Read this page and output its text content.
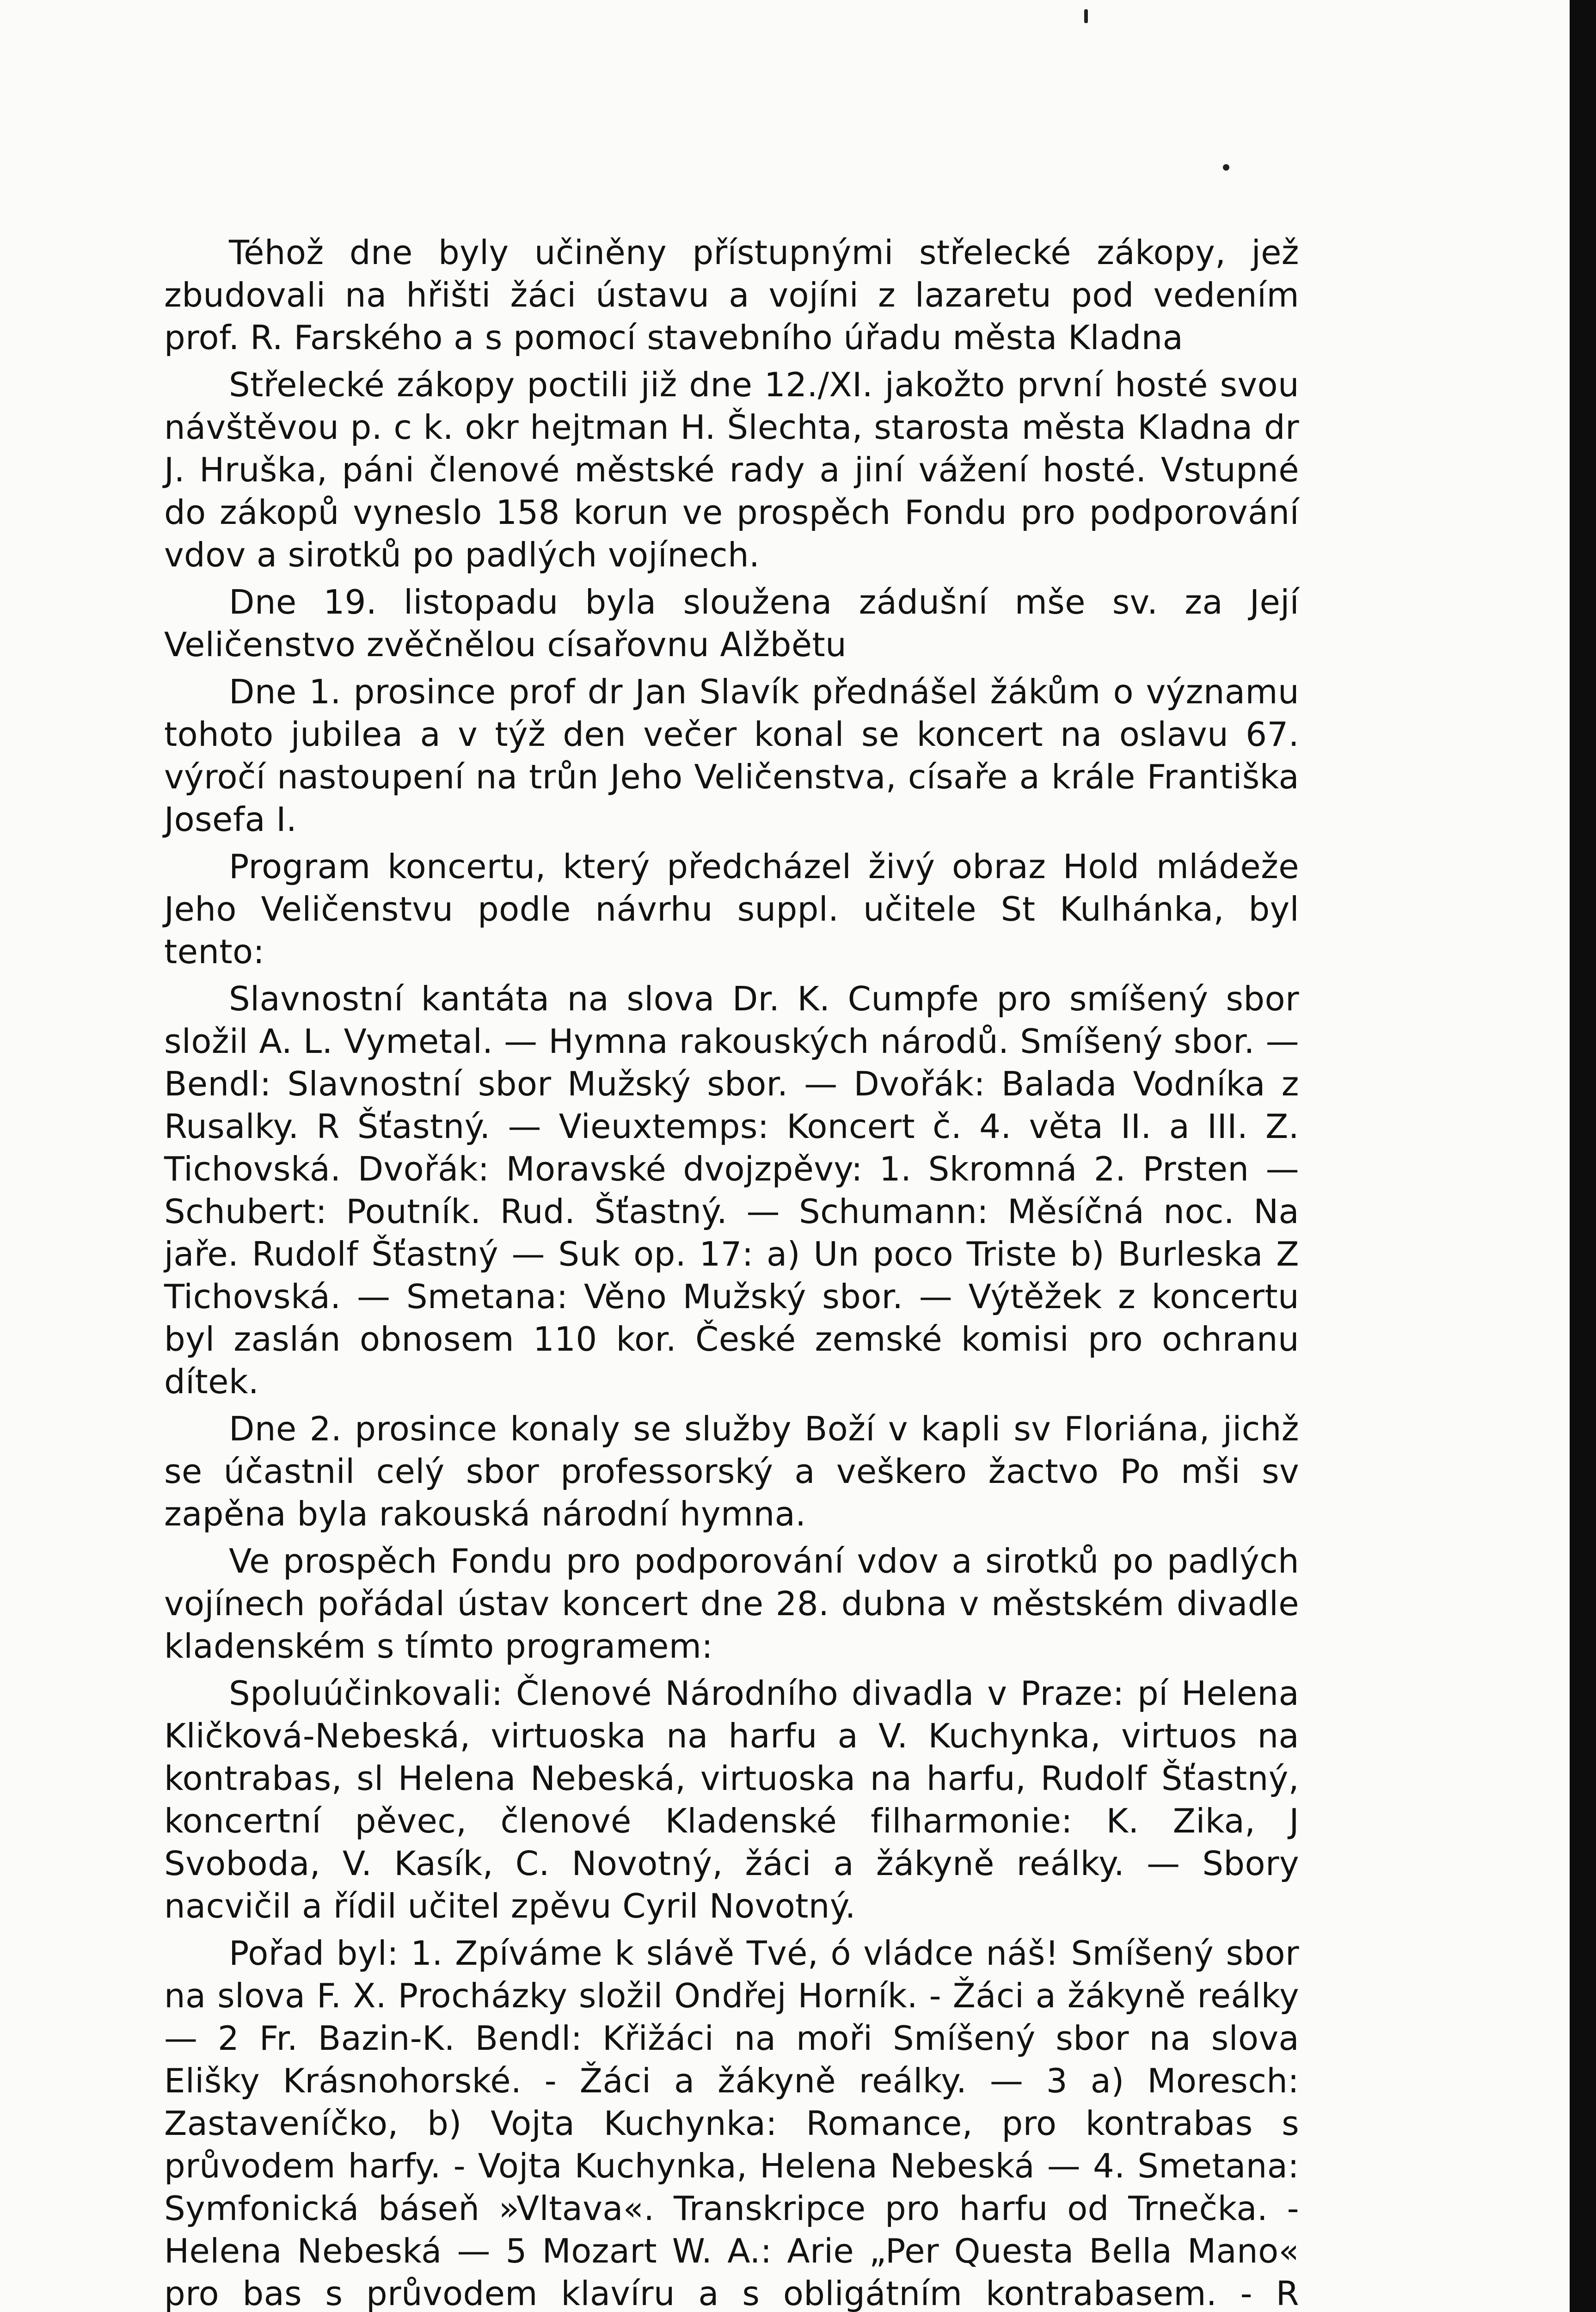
Téhož dne byly učiněny přístupnými střelecké zákopy, jež zbudovali na hřišti žáci ústavu a vojíni z lazaretu pod vedením prof. R. Farského a s pomocí stavebního úřadu města Kladna

Střelecké zákopy poctili již dne 12./XI. jakožto první hosté svou návštěvou p. c k. okr hejtman H. Šlechta, starosta města Kladna dr J. Hruška, páni členové městské rady a jiní vážení hosté. Vstupné do zákopů vyneslo 158 korun ve prospěch Fondu pro podporování vdov a sirotků po padlých vojínech.

Dne 19. listopadu byla sloužena zádušní mše sv. za Její Veličenstvo zvěčnělou císařovnu Alžbětu

Dne 1. prosince prof dr Jan Slavík přednášel žákům o významu tohoto jubilea a v týž den večer konal se koncert na oslavu 67. výročí nastoupení na trůn Jeho Veličenstva, císaře a krále Františka Josefa I.

Program koncertu, který předcházel živý obraz Hold mládeže Jeho Veličenstvu podle návrhu suppl. učitele St Kulhánka, byl tento:

Slavnostní kantáta na slova Dr. K. Cumpfe pro smíšený sbor složil A. L. Vymetal. — Hymna rakouských národů. Smíšený sbor. — Bendl: Slavnostní sbor Mužský sbor. — Dvořák: Balada Vodníka z Rusalky. R Šťastný. — Vieuxtemps: Koncert č. 4. věta II. a III. Z. Tichovská. Dvořák: Moravské dvojzpěvy: 1. Skromná 2. Prsten — Schubert: Poutník. Rud. Šťastný. — Schumann: Měsíčná noc. Na jaře. Rudolf Šťastný — Suk op. 17: a) Un poco Triste b) Burleska Z Tichovská. — Smetana: Věno Mužský sbor. — Výtěžek z koncertu byl zaslán obnosem 110 kor. České zemské komisi pro ochranu dítek.

Dne 2. prosince konaly se služby Boží v kapli sv Floriána, jichž se účastnil celý sbor professorský a veškero žactvo Po mši sv zapěna byla rakouská národní hymna.

Ve prospěch Fondu pro podporování vdov a sirotků po padlých vojínech pořádal ústav koncert dne 28. dubna v městském divadle kladenském s tímto programem:

Spoluúčinkovali: Členové Národního divadla v Praze: pí Helena Kličková-Nebeská, virtuoska na harfu a V. Kuchynka, virtuos na kontrabas, sl Helena Nebeská, virtuoska na harfu, Rudolf Šťastný, koncertní pěvec, členové Kladenské filharmonie: K. Zika, J Svoboda, V. Kasík, C. Novotný, žáci a žákyně reálky. — Sbory nacvičil a řídil učitel zpěvu Cyril Novotný.

Pořad byl: 1. Zpíváme k slávě Tvé, ó vládce náš! Smíšený sbor na slova F. X. Procházky složil Ondřej Horník. - Žáci a žákyně reálky — 2 Fr. Bazin-K. Bendl: Křižáci na moři Smíšený sbor na slova Elišky Krásnohorské. - Žáci a žákyně reálky. — 3 a) Moresch: Zastaveníčko, b) Vojta Kuchynka: Romance, pro kontrabas s průvodem harfy. - Vojta Kuchynka, Helena Nebeská — 4. Smetana: Symfonická báseň »Vltava«. Transkripce pro harfu od Trnečka. - Helena Nebeská — 5 Mozart W. A.: Arie „Per Questa Bella Mano« pro bas s průvodem klavíru a s obligátním kontrabasem. - R
